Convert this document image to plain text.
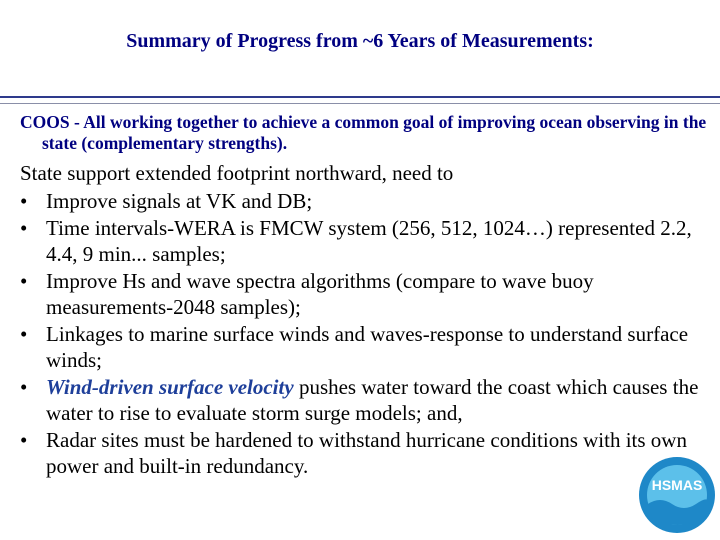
Summary of Progress from ~6 Years of Measurements:
COOS - All working together to achieve a common goal of improving ocean observing in the state (complementary strengths).
State support extended footprint northward, need to
• Improve signals at VK and DB;
• Time intervals-WERA is FMCW system (256, 512, 1024…) represented 2.2, 4.4, 9 min... samples;
• Improve Hs and wave spectra algorithms (compare to wave buoy measurements-2048 samples);
• Linkages to marine surface winds and waves-response to understand surface winds;
• Wind-driven surface velocity pushes water toward the coast which causes the water to rise to evaluate storm surge models; and,
• Radar sites must be hardened to withstand hurricane conditions with its own power and built-in redundancy.
HSMAS
